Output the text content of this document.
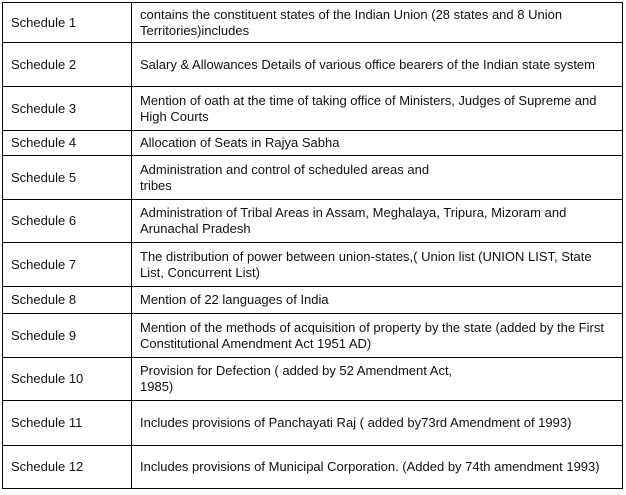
Schedule 1	contains the constituent states of the Indian Union (28 states and 8 Union Territories)includes
Schedule 2	Salary & Allowances Details of various office bearers of the Indian state system
Schedule 3	Mention of oath at the time of taking office of Ministers, Judges of Supreme and High Courts
Schedule 4	Allocation of Seats in Rajya Sabha
Schedule 5	Administration and control of scheduled areas and
tribes
Schedule 6	Administration of Tribal Areas in Assam, Meghalaya, Tripura, Mizoram and Arunachal Pradesh
Schedule 7	The distribution of power between union-states,( Union list (UNION LIST, State List, Concurrent List)
Schedule 8	Mention of 22 languages of India
Schedule 9	Mention of the methods of acquisition of property by the state (added by the First Constitutional Amendment Act 1951 AD)
Schedule 10	Provision for Defection ( added by 52 Amendment Act,
1985)
Schedule 11	Includes provisions of Panchayati Raj ( added by73rd Amendment of 1993)
Schedule 12	Includes provisions of Municipal Corporation. (Added by 74th amendment 1993)
